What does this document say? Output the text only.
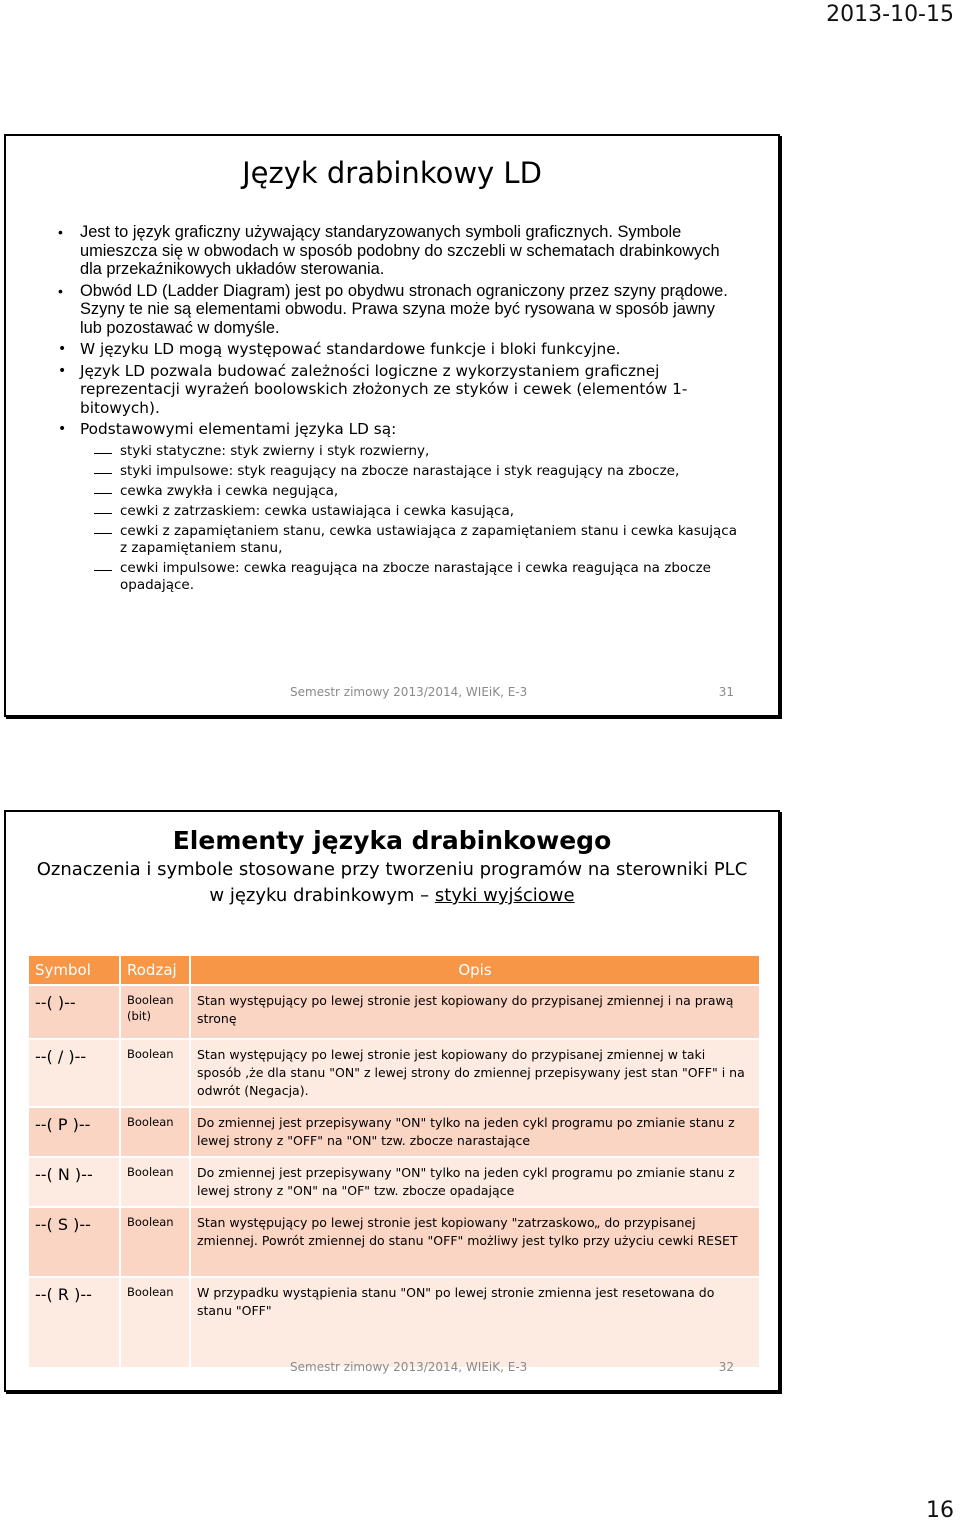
2013-10-15
Język drabinkowy LD
• Jest to język graficzny używający standaryzowanych symboli graficznych. Symbole umieszcza się w obwodach w sposób podobny do szczebli w schematach drabinkowych dla przekaźnikowych układów sterowania.
• Obwód LD (Ladder Diagram) jest po obydwu stronach ograniczony przez szyny prądowe. Szyny te nie są elementami obwodu. Prawa szyna może być rysowana w sposób jawny lub pozostawać w domyśle.
• W języku LD mogą występować standardowe funkcje i bloki funkcyjne.
• Język LD pozwala budować zależności logiczne z wykorzystaniem graficznej reprezentacji wyrażeń boolowskich złożonych ze styków i cewek (elementów 1-bitowych).
• Podstawowymi elementami języka LD są:
styki statyczne: styk zwierny i styk rozwierny,
styki impulsowe: styk reagujący na zbocze narastające i styk reagujący na zbocze,
cewka zwykła i cewka negująca,
cewki z zatrzaskiem: cewka ustawiająca i cewka kasująca,
cewki z zapamiętaniem stanu, cewka ustawiająca z zapamiętaniem stanu i cewka kasująca z zapamiętaniem stanu,
cewki impulsowe: cewka reagująca na zbocze narastające i cewka reagująca na zbocze opadające.
Semestr zimowy 2013/2014, WIEiK, E-3	31
Elementy języka drabinkowego
Oznaczenia i symbole stosowane przy tworzeniu programów na sterowniki PLC w języku drabinkowym – styki wyjściowe
Symbol	Rodzaj	Opis
--( )--	Boolean (bit)	Stan występujący po lewej stronie jest kopiowany do przypisanej zmiennej i na prawą stronę
--( / )--	Boolean	Stan występujący po lewej stronie jest kopiowany do przypisanej zmiennej w taki sposób ,że dla stanu "ON" z lewej strony do zmiennej przepisywany jest stan "OFF" i na odwrót (Negacja).
--( P )--	Boolean	Do zmiennej jest przepisywany "ON" tylko na jeden cykl programu po zmianie stanu z lewej strony z "OFF" na "ON" tzw. zbocze narastające
--( N )--	Boolean	Do zmiennej jest przepisywany "ON" tylko na jeden cykl programu po zmianie stanu z lewej strony z "ON" na "OF" tzw. zbocze opadające
--( S )--	Boolean	Stan występujący po lewej stronie jest kopiowany "zatrzaskowo„ do przypisanej zmiennej. Powrót zmiennej do stanu "OFF" możliwy jest tylko przy użyciu cewki RESET
--( R )--	Boolean	W przypadku wystąpienia stanu "ON" po lewej stronie zmienna jest resetowana do stanu "OFF"
Semestr zimowy 2013/2014, WIEiK, E-3	32
16
